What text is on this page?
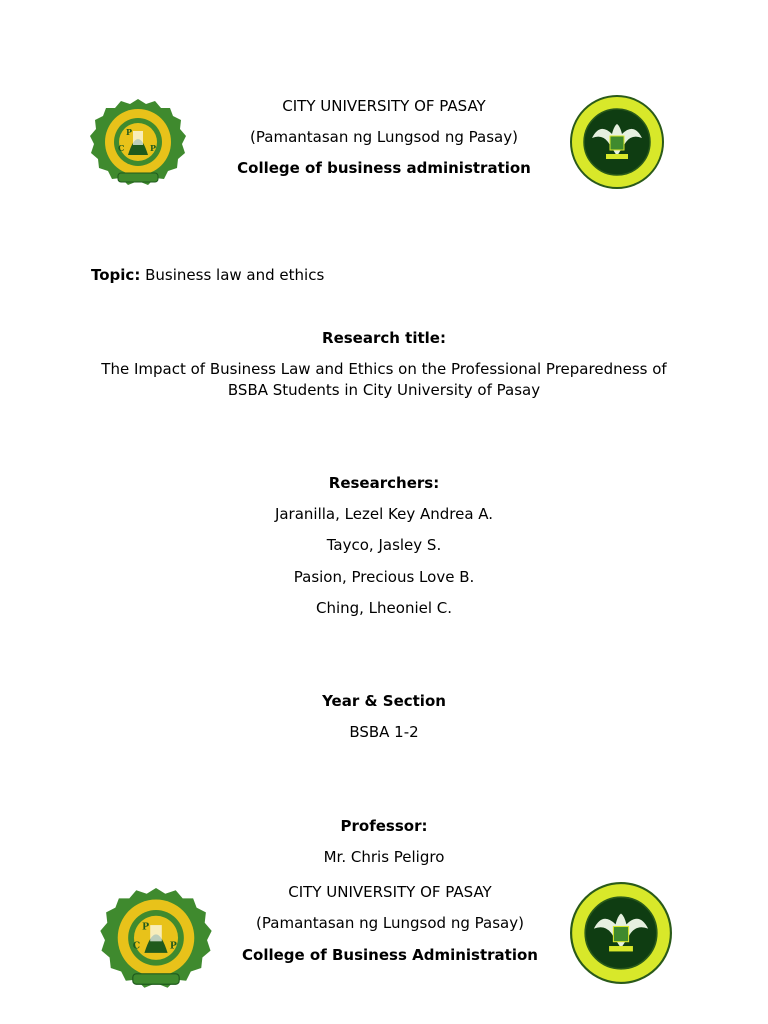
P
C	P
CITY UNIVERSITY OF PASAY
(Pamantasan ng Lungsod ng Pasay)
College of business administration
Topic: Business law and ethics
Research title:
The Impact of Business Law and Ethics on the Professional Preparedness of
BSBA Students in City University of Pasay
Researchers:
Jaranilla, Lezel Key Andrea A.
Tayco, Jasley S.
Pasion, Precious Love B.
Ching, Lheoniel C.
Year & Section
BSBA 1-2
Professor:
Mr. Chris Peligro
P
C	P
CITY UNIVERSITY OF PASAY
(Pamantasan ng Lungsod ng Pasay)
College of Business Administration
